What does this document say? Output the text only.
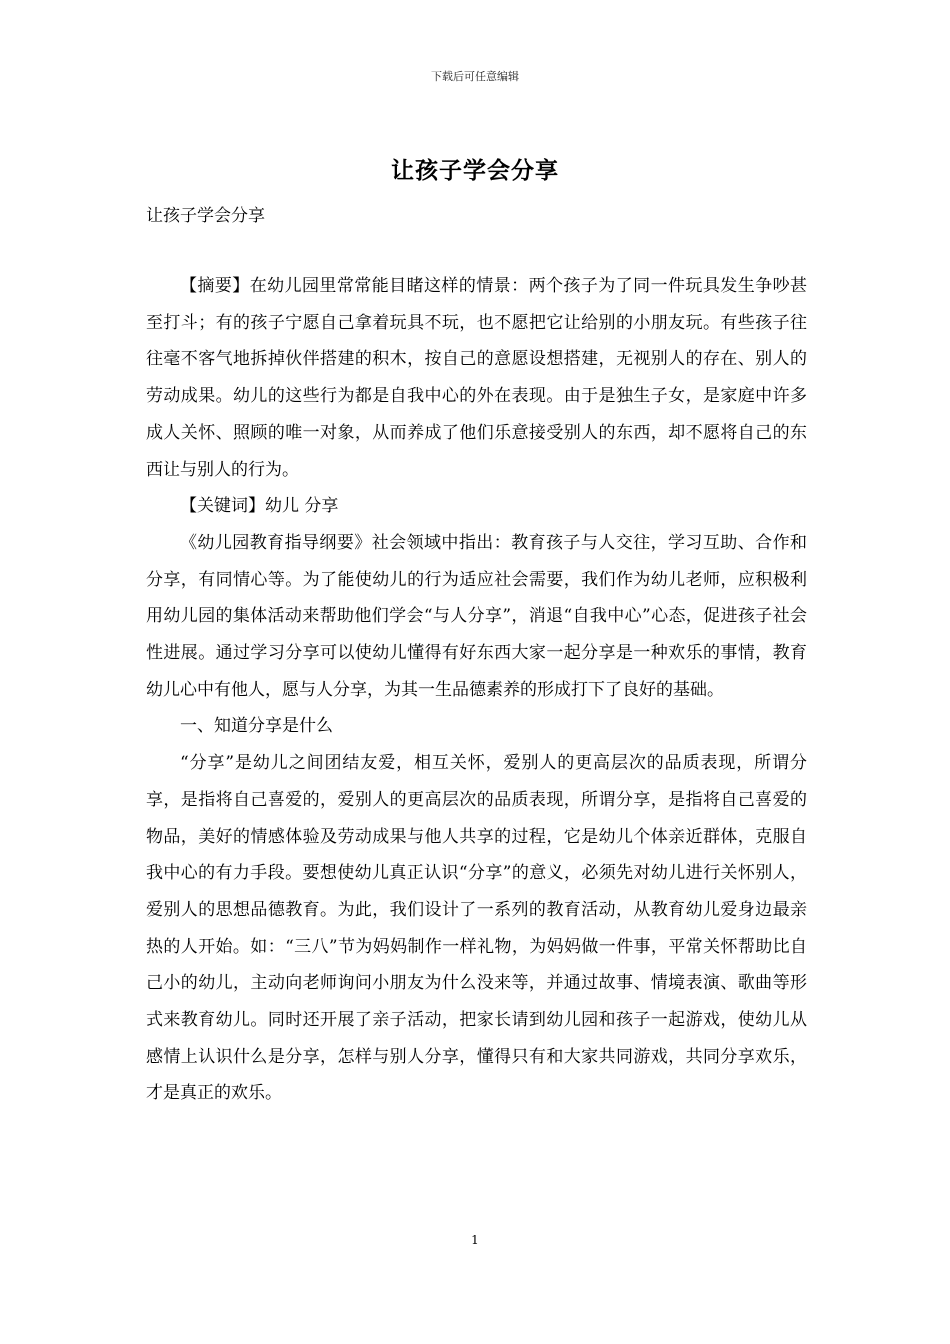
下载后可任意编辑
让孩子学会分享
让孩子学会分享

【摘要】在幼儿园里常常能目睹这样的情景：两个孩子为了同一件玩具发生争吵甚至打斗；有的孩子宁愿自己拿着玩具不玩，也不愿把它让给别的小朋友玩。有些孩子往往毫不客气地拆掉伙伴搭建的积木，按自己的意愿设想搭建，无视别人的存在、别人的劳动成果。幼儿的这些行为都是自我中心的外在表现。由于是独生子女，是家庭中许多成人关怀、照顾的唯一对象，从而养成了他们乐意接受别人的东西，却不愿将自己的东西让与别人的行为。

【关键词】幼儿 分享

《幼儿园教育指导纲要》社会领域中指出：教育孩子与人交往，学习互助、合作和分享，有同情心等。为了能使幼儿的行为适应社会需要，我们作为幼儿老师，应积极利用幼儿园的集体活动来帮助他们学会“与人分享”，消退“自我中心”心态，促进孩子社会性进展。通过学习分享可以使幼儿懂得有好东西大家一起分享是一种欢乐的事情，教育幼儿心中有他人，愿与人分享，为其一生品德素养的形成打下了良好的基础。

一、知道分享是什么

“分享”是幼儿之间团结友爱，相互关怀，爱别人的更高层次的品质表现，所谓分享，是指将自己喜爱的，爱别人的更高层次的品质表现，所谓分享，是指将自己喜爱的物品，美好的情感体验及劳动成果与他人共享的过程，它是幼儿个体亲近群体，克服自我中心的有力手段。要想使幼儿真正认识“分享”的意义，必须先对幼儿进行关怀别人，爱别人的思想品德教育。为此，我们设计了一系列的教育活动，从教育幼儿爱身边最亲热的人开始。如：“三八”节为妈妈制作一样礼物，为妈妈做一件事，平常关怀帮助比自己小的幼儿，主动向老师询问小朋友为什么没来等，并通过故事、情境表演、歌曲等形式来教育幼儿。同时还开展了亲子活动，把家长请到幼儿园和孩子一起游戏，使幼儿从感情上认识什么是分享，怎样与别人分享，懂得只有和大家共同游戏，共同分享欢乐，才是真正的欢乐。

1
